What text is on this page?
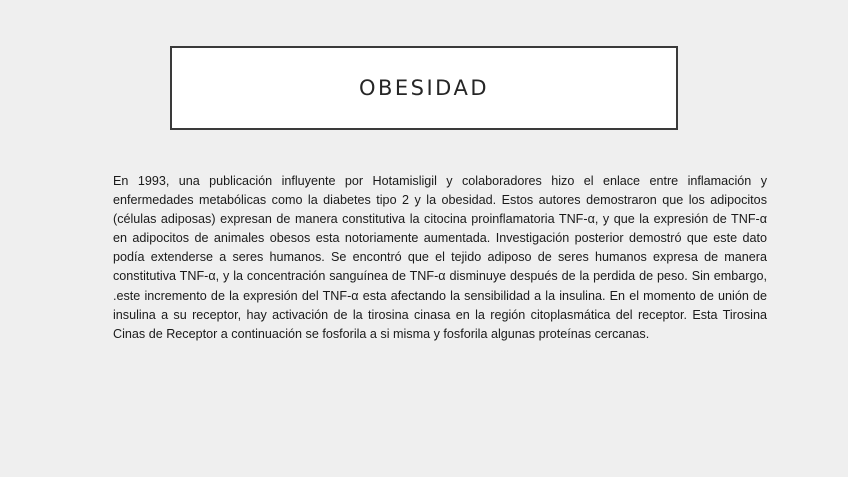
OBESIDAD

En 1993, una publicación influyente por Hotamisligil y colaboradores hizo el enlace entre inflamación y enfermedades metabólicas como la diabetes tipo 2 y la obesidad. Estos autores demostraron que los adipocitos (células adiposas) expresan de manera constitutiva la citocina proinflamatoria TNF-α, y que la expresión de TNF-α en adipocitos de animales obesos esta notoriamente aumentada. Investigación posterior demostró que este dato podía extenderse a seres humanos. Se encontró que el tejido adiposo de seres humanos expresa de manera constitutiva TNF-α, y la concentración sanguínea de TNF-α disminuye después de la perdida de peso. Sin embargo, .este incremento de la expresión del TNF-α esta afectando la sensibilidad a la insulina. En el momento de unión de insulina a su receptor, hay activación de la tirosina cinasa en la región citoplasmática del receptor. Esta Tirosina Cinas de Receptor a continuación se fosforila a si misma y fosforila algunas proteínas cercanas.
